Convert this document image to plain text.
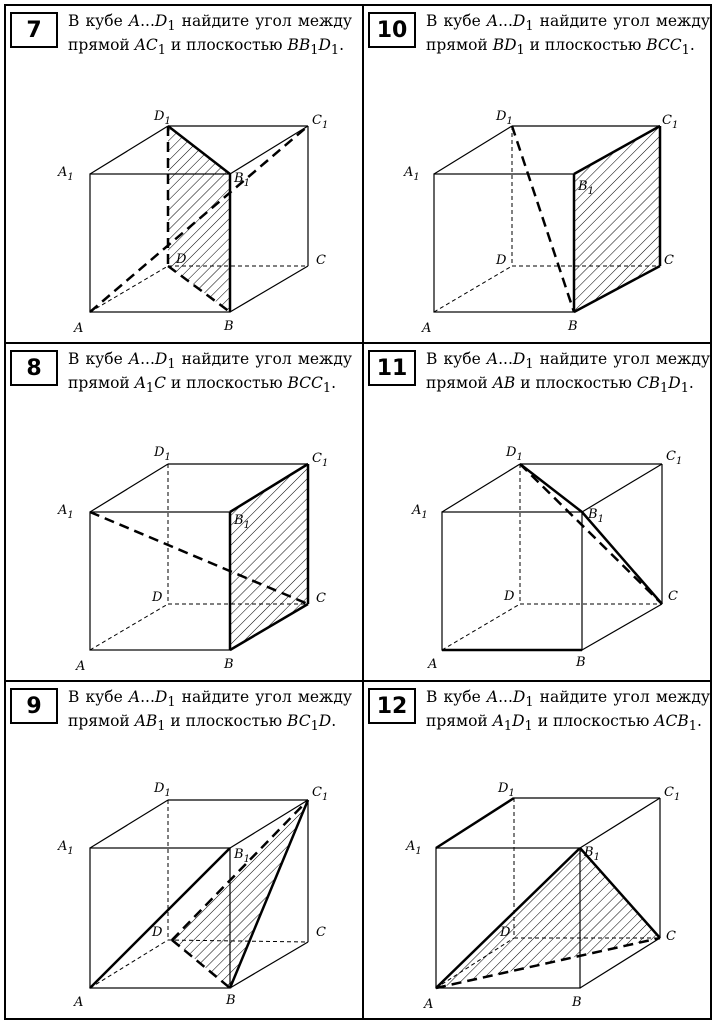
7	В кубе $A...D_1$ найдите угол между прямой $AC_1$ и плоскостью $BB_1D_1$.
$D_1$	$C_1$
$A_1$	$B_1$
D	C
A	B
10	В кубе $A...D_1$ найдите угол между прямой $BD_1$ и плоскостью $BCC_1$.
$D_1$	$C_1$
$A_1$
$B_1$
D	C
A	B
8	В кубе $A...D_1$ найдите угол между прямой $A_1C$ и плоскостью $BCC_1$.
$D_1$	$C_1$
$A_1$	$B_1$
D	C
A	B
11	В кубе $A...D_1$ найдите угол между прямой AB и плоскостью $CB_1D_1$.
$D_1$	$C_1$
$A_1$	$B_1$
D	C
A	B
9	В кубе $A...D_1$ найдите угол между прямой $AB_1$ и плоскостью $BC_1D$.
$D_1$	$C_1$
$A_1$	$B_1$
D	C
A	B
12	В кубе $A...D_1$ найдите угол между прямой $A_1D_1$ и плоскостью $ACB_1$.
$D_1$	$C_1$
$A_1$	$B_1$
D	C
A	B
